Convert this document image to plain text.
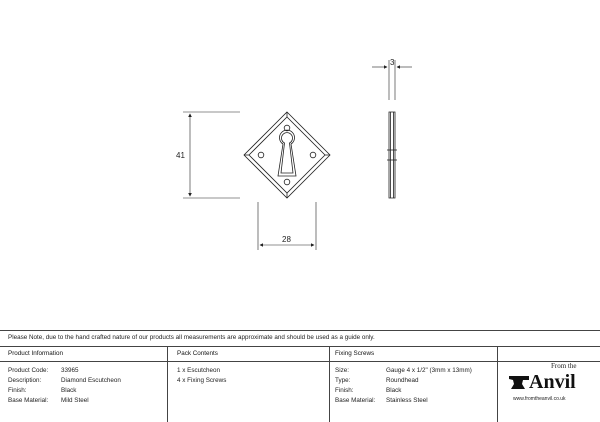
41
28
3
Please Note, due to the hand crafted nature of our products all measurements are approximate and should be used as a guide only.
Product Information
Product Code: 33965
Description:	Diamond Escutcheon
Finish:	Black
Base Material: Mild Steel
Pack Contents
1 x Escutcheon
4 x Fixing Screws
Fixing Screws
Size:	Gauge 4 x 1/2" (3mm x 13mm)
Type:	Roundhead
Finish:	Black
Base Material: Stainless Steel
From the
Anvil
www.fromtheanvil.co.uk
